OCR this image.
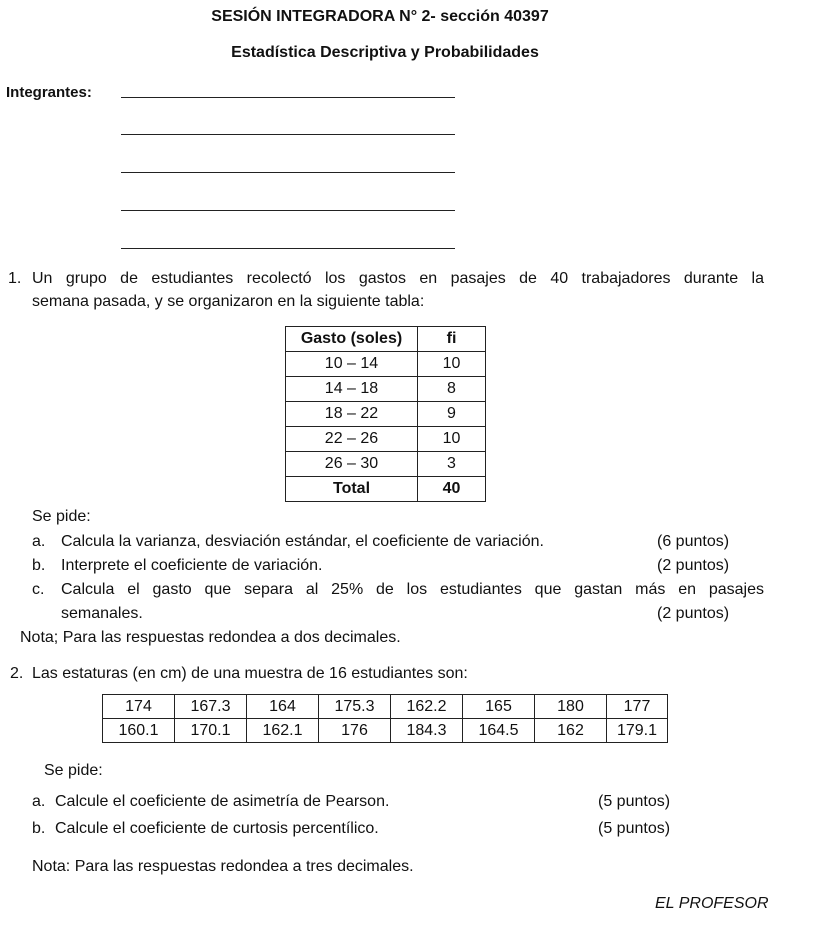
SESIÓN INTEGRADORA N° 2- sección 40397
Estadística Descriptiva y Probabilidades
Integrantes:
1. Un grupo de estudiantes recolectó los gastos en pasajes de 40 trabajadores durante la
semana pasada, y se organizaron en la siguiente tabla:
Gasto (soles)	fi
10 – 14	10
14 – 18	8
18 – 22	9
22 – 26	10
26 – 30	3
Total	40
Se pide:
a. Calcula la varianza, desviación estándar, el coeficiente de variación.	(6 puntos)
b. Interprete el coeficiente de variación.	(2 puntos)
c. Calcula el gasto que separa al 25% de los estudiantes que gastan más en pasajes
semanales.	(2 puntos)
Nota; Para las respuestas redondea a dos decimales.
2. Las estaturas (en cm) de una muestra de 16 estudiantes son:
174	167.3	164	175.3	162.2	165	180	177
160.1	170.1	162.1	176	184.3	164.5	162	179.1
Se pide:
a. Calcule el coeficiente de asimetría de Pearson.	(5 puntos)
b. Calcule el coeficiente de curtosis percentílico.	(5 puntos)
Nota: Para las respuestas redondea a tres decimales.
EL PROFESOR
